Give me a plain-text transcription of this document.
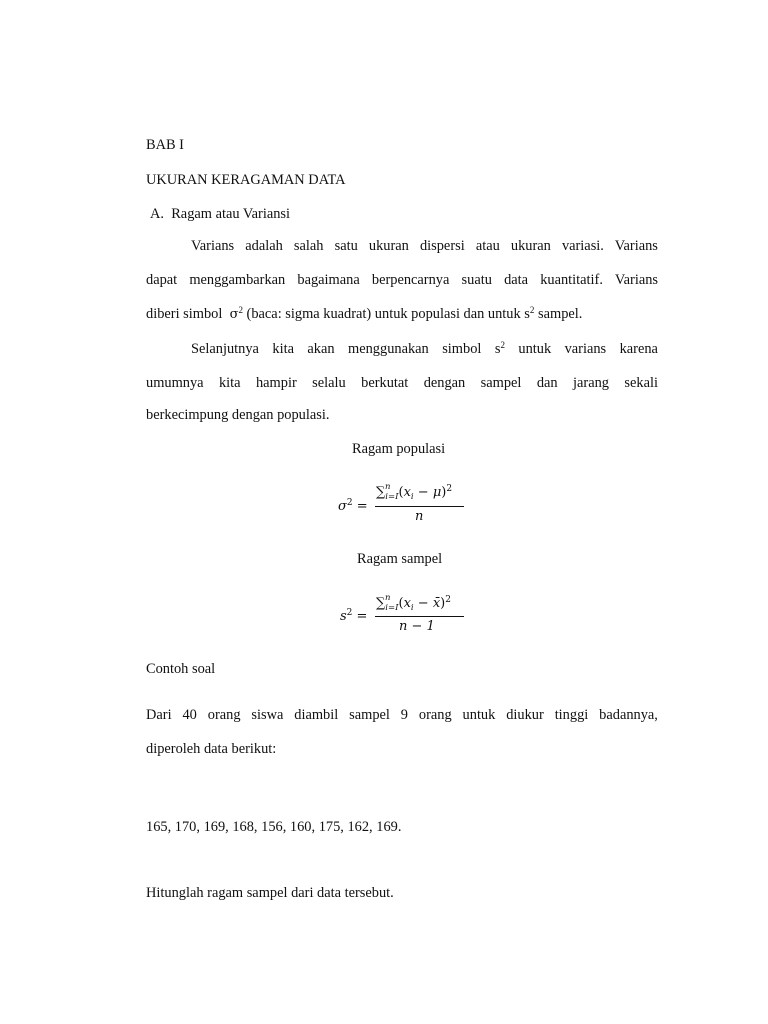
BAB I
UKURAN KERAGAMAN DATA
A. Ragam atau Variansi
Varians adalah salah satu ukuran dispersi atau ukuran variasi. Varians
dapat menggambarkan bagaimana berpencarnya suatu data kuantitatif. Varians
diberi simbol $\sigma^2$ (baca: sigma kuadrat) untuk populasi dan untuk $s^2$ sampel.
Selanjutnya kita akan menggunakan simbol $s^2$ untuk varians karena
umumnya kita hampir selalu berkutat dengan sampel dan jarang sekali
berkecimpung dengan populasi.
Ragam populasi
$\sigma^2$ =
∑ n
$_{i=I}(x_i - \mu)^2$
n
Ragam sampel
$s^2$ =
∑ n
$_{i=I}(x_i$ − x̄)$^2$
n − 1
Contoh soal
Dari 40 orang siswa diambil sampel 9 orang untuk diukur tinggi badannya,
diperoleh data berikut:
165, 170, 169, 168, 156, 160, 175, 162, 169.
Hitunglah ragam sampel dari data tersebut.
